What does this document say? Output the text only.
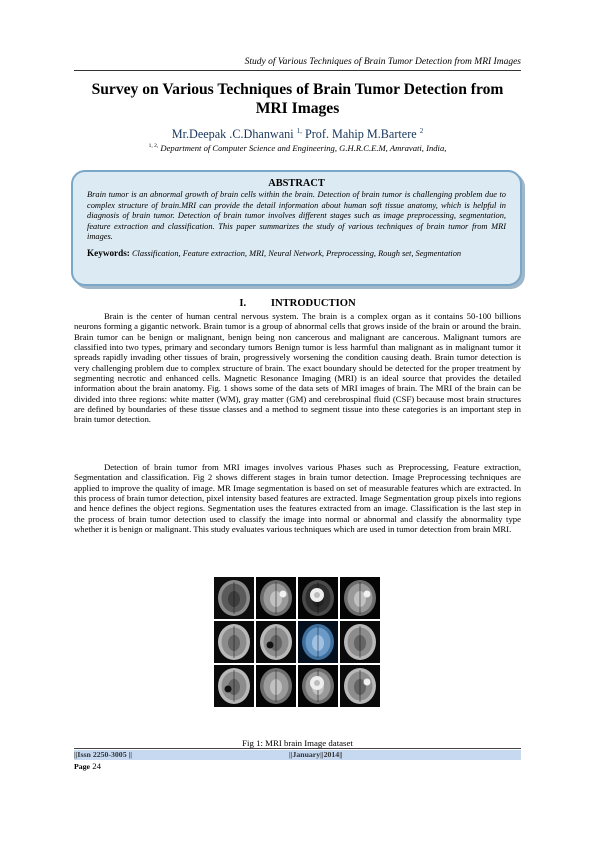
Study of Various Techniques of Brain Tumor Detection from MRI Images
Survey on Various Techniques of Brain Tumor Detection from
MRI Images
Mr.Deepak .C.Dhanwani $^{1,}$ Prof. Mahip M.Bartere $^2$
$^{1, 2,}$ Department of Computer Science and Engineering, G.H.R.C.E.M, Amravati, India,
ABSTRACT

Brain tumor is an abnormal growth of brain cells within the brain. Detection of brain tumor is challenging problem due to complex structure of brain.MRI can provide the detail information about human soft tissue anatomy, which is helpful in diagnosis of brain tumor. Detection of brain tumor involves different stages such as image preprocessing, segmentation, feature extraction and classification. This paper summarizes the study of various techniques of brain tumor from MRI images.

Keywords: Classification, Feature extraction, MRI, Neural Network, Preprocessing, Rough set, Segmentation
I. INTRODUCTION

Brain is the center of human central nervous system. The brain is a complex organ as it contains 50-100 billions neurons forming a gigantic network. Brain tumor is a group of abnormal cells that grows inside of the brain or around the brain. Brain tumor can be benign or malignant, benign being non cancerous and malignant are cancerous. Malignant tumors are classified into two types, primary and secondary tumors Benign tumor is less harmful than malignant as in malignant tumor it spreads rapidly invading other tissues of brain, progressively worsening the condition causing death. Brain tumor detection is very challenging problem due to complex structure of brain. The exact boundary should be detected for the proper treatment by segmenting necrotic and enhanced cells. Magnetic Resonance Imaging (MRI) is an ideal source that provides the detailed information about the brain anatomy. Fig. 1 shows some of the data sets of MRI images of brain. The MRI of the brain can be divided into three regions: white matter (WM), gray matter (GM) and cerebrospinal fluid (CSF) because most brain structures are defined by boundaries of these tissue classes and a method to segment tissue into these categories is an important step in brain tumor detection.

Detection of brain tumor from MRI images involves various Phases such as Preprocessing, Feature extraction, Segmentation and classification. Fig 2 shows different stages in brain tumor detection. Image Preprocessing techniques are applied to improve the quality of image. MR Image segmentation is based on set of measurable features which are extracted. In this process of brain tumor detection, pixel intensity based features are extracted. Image Segmentation group pixels into regions and hence defines the object regions. Segmentation uses the features extracted from an image. Classification is the last step in the process of brain tumor detection used to classify the image into normal or abnormal and classify the abnormality type whether it is benign or malignant. This study evaluates various techniques which are used in tumor detection from brain MRI.

Fig 1: MRI brain Image dataset
||Issn 2250-3005 ||	||January||2014||
Page 24
